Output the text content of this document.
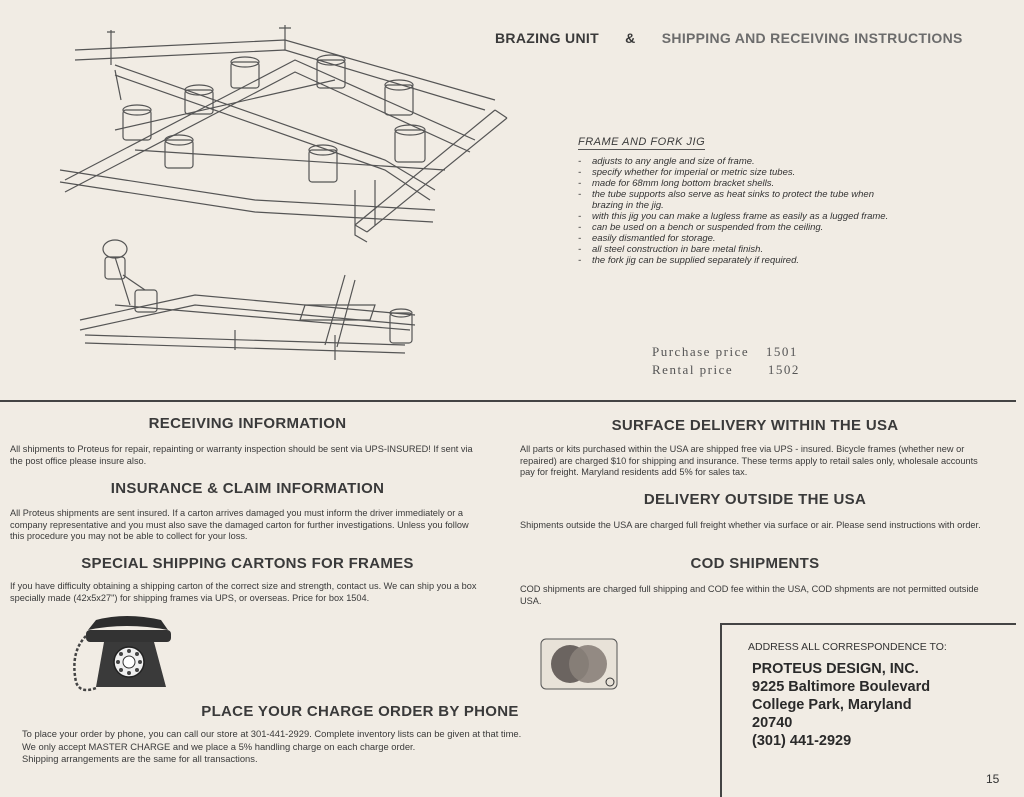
BRAZING UNIT & SHIPPING AND RECEIVING INSTRUCTIONS
FRAME AND FORK JIG
- adjusts to any angle and size of frame.
- specify whether for imperial or metric size tubes.
- made for 68mm long bottom bracket shells.
- the tube supports also serve as heat sinks to protect the tube when brazing in the jig.
- with this jig you can make a lugless frame as easily as a lugged frame.
- can be used on a bench or suspended from the ceiling.
- easily dismantled for storage.
- all steel construction in bare metal finish.
- the fork jig can be supplied separately if required.
Purchase price 1501
Rental price	1502
RECEIVING INFORMATION
All shipments to Proteus for repair, repainting or warranty inspection should be sent via UPS-INSURED! If sent via the post office please insure also.
INSURANCE & CLAIM INFORMATION
All Proteus shipments are sent insured. If a carton arrives damaged you must inform the driver immediately or a company representative and you must also save the damaged carton for further investigations. Unless you follow this procedure you may not be able to collect for your loss.
SPECIAL SHIPPING CARTONS FOR FRAMES
If you have difficulty obtaining a shipping carton of the correct size and strength, contact us. We can ship you a box specially made (42x5x27") for shipping frames via UPS, or overseas. Price for box 1504.
SURFACE DELIVERY WITHIN THE USA
All parts or kits purchased within the USA are shipped free via UPS - insured. Bicycle frames (whether new or repaired) are charged $10 for shipping and insurance. These terms apply to retail sales only, wholesale accounts pay for freight. Maryland residents add 5% for sales tax.
DELIVERY OUTSIDE THE USA
Shipments outside the USA are charged full freight whether via surface or air. Please send instructions with order.
COD SHIPMENTS
COD shipments are charged full shipping and COD fee within the USA, COD shpments are not permitted outside USA.
PLACE YOUR CHARGE ORDER BY PHONE
To place your order by phone, you can call our store at 301-441-2929. Complete inventory lists can be given at that time.
We only accept MASTER CHARGE and we place a 5% handling charge on each charge order.
Shipping arrangements are the same for all transactions.
ADDRESS ALL CORRESPONDENCE TO:
PROTEUS DESIGN, INC.
9225 Baltimore Boulevard
College Park, Maryland
20740
(301) 441-2929
15
